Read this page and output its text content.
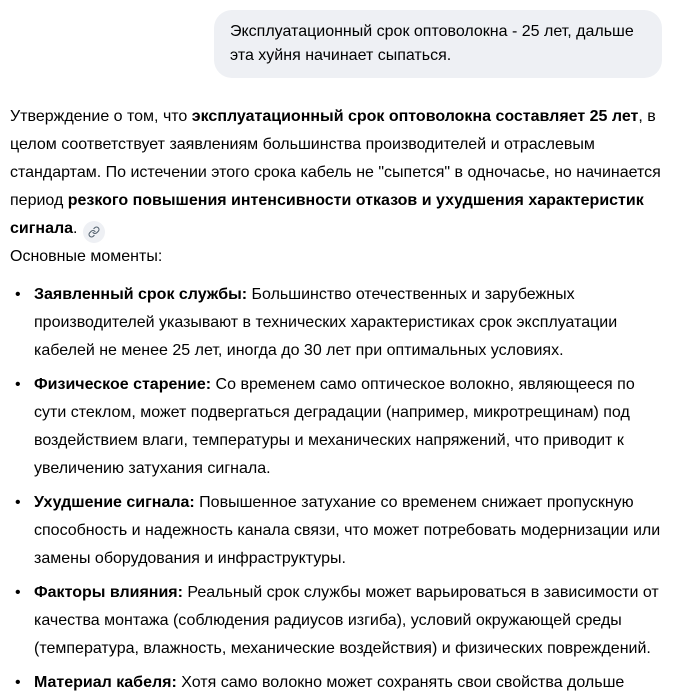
Эксплуатационный срок оптоволокна - 25 лет, дальше эта хуйня начинает сыпаться.

Утверждение о том, что эксплуатационный срок оптоволокна составляет 25 лет, в целом соответствует заявлениям большинства производителей и отраслевым стандартам. По истечении этого срока кабель не "сыпется" в одночасье, но начинается период резкого повышения интенсивности отказов и ухудшения характеристик сигнала.

Основные моменты:

• Заявленный срок службы: Большинство отечественных и зарубежных производителей указывают в технических характеристиках срок эксплуатации кабелей не менее 25 лет, иногда до 30 лет при оптимальных условиях.
• Физическое старение: Со временем само оптическое волокно, являющееся по сути стеклом, может подвергаться деградации (например, микротрещинам) под воздействием влаги, температуры и механических напряжений, что приводит к увеличению затухания сигнала.
• Ухудшение сигнала: Повышенное затухание со временем снижает пропускную способность и надежность канала связи, что может потребовать модернизации или замены оборудования и инфраструктуры.
• Факторы влияния: Реальный срок службы может варьироваться в зависимости от качества монтажа (соблюдения радиусов изгиба), условий окружающей среды (температура, влажность, механические воздействия) и физических повреждений.
• Материал кабеля: Хотя само волокно может сохранять свои свойства дольше
